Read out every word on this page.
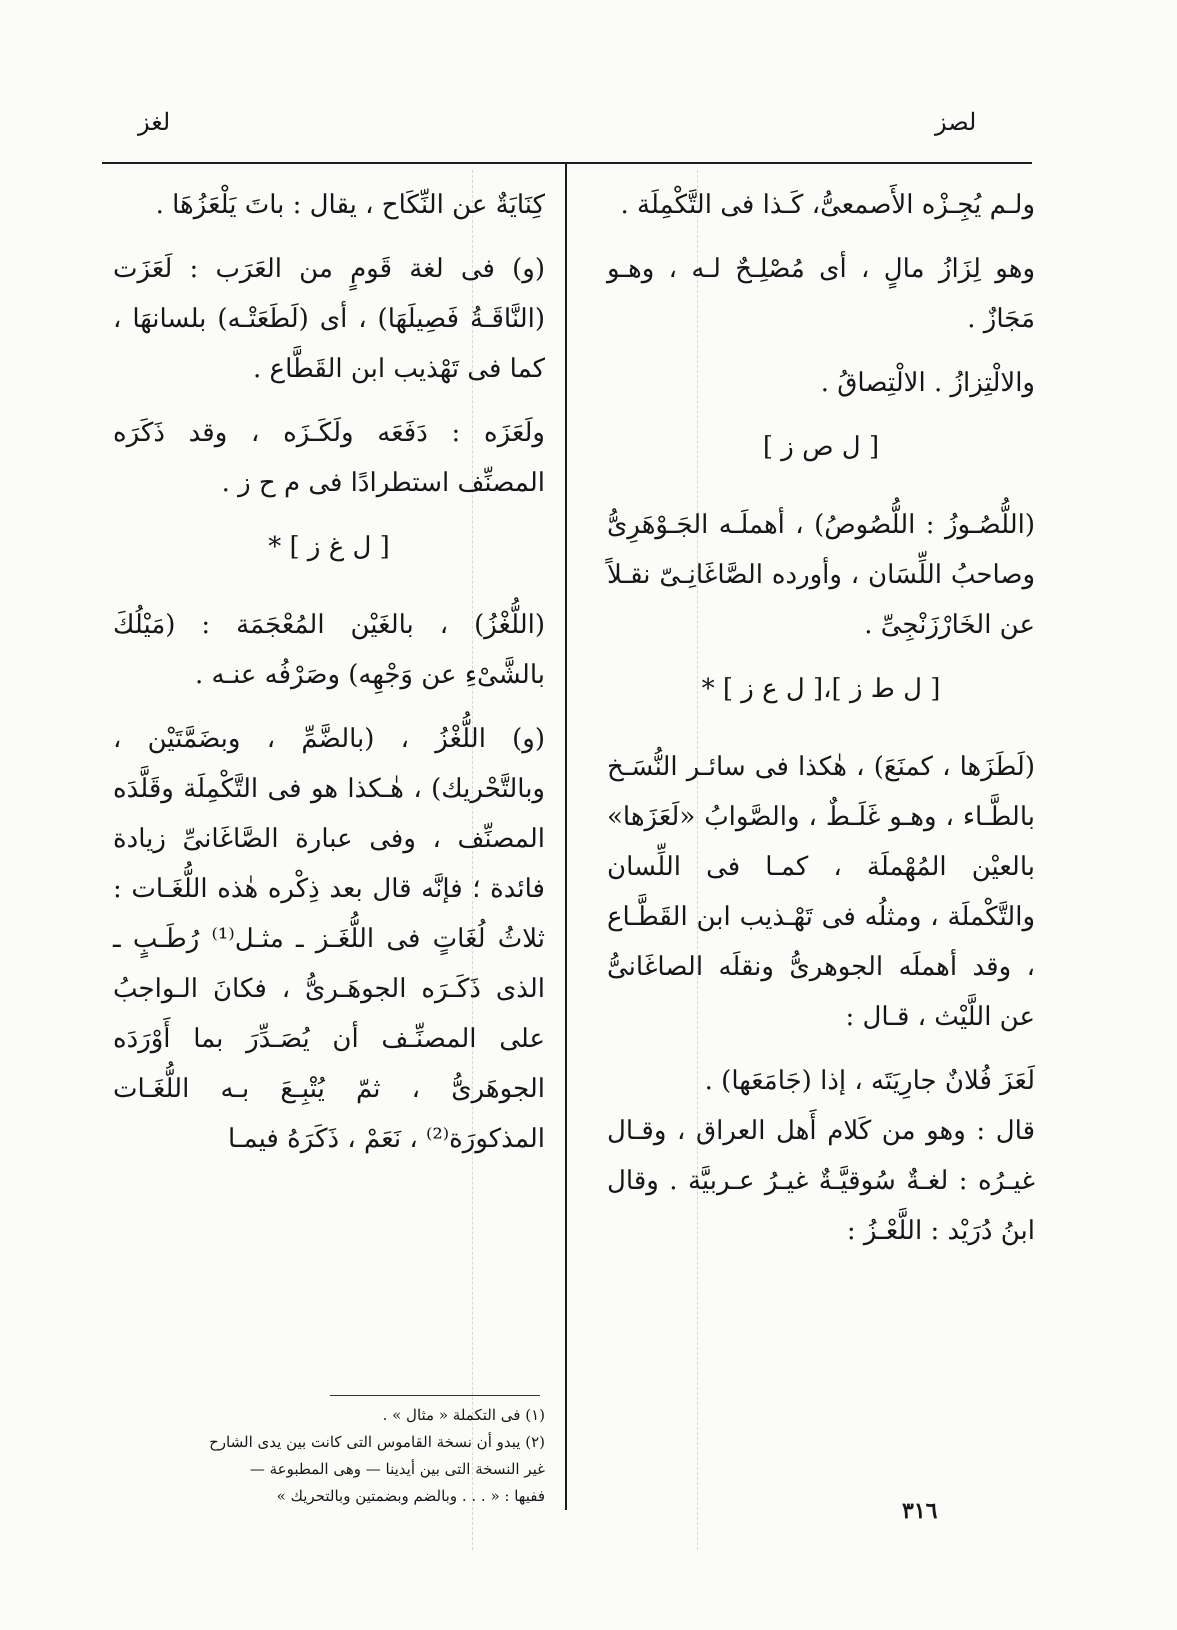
لغز	لصز

ولـم يُجِـزْه الأَصمعىُّ، كَـذا فى التَّكْمِلَة .

وهو لِزَازُ مالٍ ، أى مُصْلِـحٌ لـه ، وهـو مَجَازٌ .

والالْتِزازُ . الالْتِصاقُ .

[ ل ص ز ]

(اللُّصُـوزُ : اللُّصُوصُ) ، أهملَـه الجَـوْهَرِىُّ وصاحبُ اللِّسَان ، وأورده الصَّاغَانِـىّ نقـلاً عن الخَارْزَنْجِىِّ .

[ ل ط ز ]،[ ل ع ز ] *

(لَطَزَها ، كمنَعَ) ، هٰكذا فى سائـر النُّسَـخ بالطَّـاء ، وهـو غَلَـطٌ ، والصَّوابُ «لَعَزَها» بالعيْن المُهْملَة ، كمـا فى اللِّسان والتَّكْملَة ، ومثلُه فى تَهْـذيب ابن القَطَّـاع ، وقد أهملَه الجوهرىُّ ونقلَه الصاغَانىُّ عن اللَّيْث ، قـال :

لَعَزَ فُلانٌ جارِيَتَه ، إذا (جَامَعَها) .

قال : وهو من كَلام أَهل العراق ، وقـال غيـرُه : لغـةٌ سُوقيَّـةٌ غيـرُ عـربيَّة . وقال ابنُ دُرَيْد : اللَّعْـزُ :

كِنَايَةٌ عن النِّكَاح ، يقال : باتَ يَلْعَزُهَا .

(و) فى لغة قَومٍ من العَرَب : لَعَزَت (النَّاقَـةُ فَصِيلَهَا) ، أى (لَطَعَتْـه) بلسانهَا ، كما فى تَهْذيب ابن القَطَّاع .

ولَعَزَه : دَفَعَه ولَكَـزَه ، وقد ذَكَرَه المصنِّف استطرادًا فى م ح ز .

[ ل غ ز ] *

(اللُّغْزُ) ، بالغَيْن المُعْجَمَة : (مَيْلُكَ بالشَّىْءِ عن وَجْهِه) وصَرْفُه عنـه .

(و) اللُّغْزُ ، (بالضَّمِّ ، وبضَمَّتَيْن ، وبالتَّحْريك) ، هٰـكذا هو فى التَّكْمِلَة وقَلَّدَه المصنِّف ، وفى عبارة الصَّاغَانىِّ زيادة فائدة ؛ فإنَّه قال بعد ذِكْره هٰذه اللُّغَـات : ثلاثُ لُغَاتٍ فى اللُّغَـز ـ مثـل⁽¹⁾ رُطَـبٍ ـ الذى ذَكَـرَه الجوهَـرىُّ ، فكانَ الـواجبُ على المصنِّـف أن يُصَـدِّرَ بما أَوْرَدَه الجوهَرىُّ ، ثمّ يُتْبِـعَ بـه اللُّغَـات المذكورَة⁽²⁾ ، نَعَمْ ، ذَكَرَهُ فيمـا

(١) فى التكملة « مثال » .
(٢) يبدو أن نسخة القاموس التى كانت بين يدى الشارح
غير النسخة التى بين أيدينا — وهى المطبوعة —
ففيها : « . . . وبالضم وبضمتين وبالتحريك »
٣١٦
